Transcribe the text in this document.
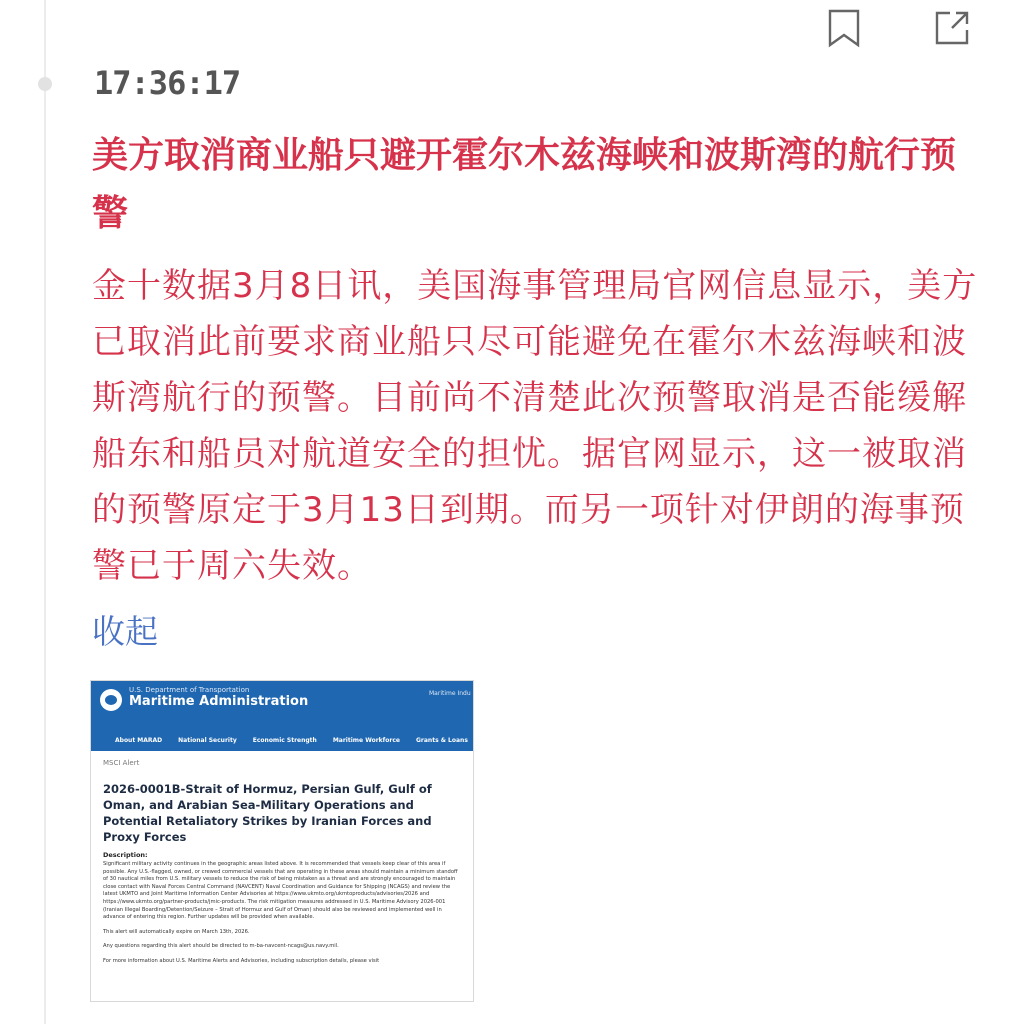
17:36:17
美方取消商业船只避开霍尔木兹海峡和波斯湾的航行预警

金十数据3月8日讯，美国海事管理局官网信息显示，美方已取消此前要求商业船只尽可能避免在霍尔木兹海峡和波斯湾航行的预警。目前尚不清楚此次预警取消是否能缓解船东和船员对航道安全的担忧。据官网显示，这一被取消的预警原定于3月13日到期。而另一项针对伊朗的海事预警已于周六失效。

收起
U.S. Department of Transportation
Maritime Administration
Maritime Indu
About MARAD	National Security	Economic Strength	Maritime Workforce	Grants & Loans
MSCI Alert
2026-0001B-Strait of Hormuz, Persian Gulf, Gulf of Oman, and Arabian Sea-Military Operations and Potential Retaliatory Strikes by Iranian Forces and Proxy Forces
Description:

Significant military activity continues in the geographic areas listed above. It is recommended that vessels keep clear of this area if possible. Any U.S.-flagged, owned, or crewed commercial vessels that are operating in these areas should maintain a minimum standoff of 30 nautical miles from U.S. military vessels to reduce the risk of being mistaken as a threat and are strongly encouraged to maintain close contact with Naval Forces Central Command (NAVCENT) Naval Coordination and Guidance for Shipping (NCAGS) and review the latest UKMTO and Joint Maritime Information Center Advisories at https://www.ukmto.org/ukmtoproducts/advisories/2026 and https://www.ukmto.org/partner-products/jmic-products. The risk mitigation measures addressed in U.S. Maritime Advisory 2026-001 (Iranian Illegal Boarding/Detention/Seizure – Strait of Hormuz and Gulf of Oman) should also be reviewed and implemented well in advance of entering this region. Further updates will be provided when available.

This alert will automatically expire on March 13th, 2026.

Any questions regarding this alert should be directed to m-ba-navcent-ncags@us.navy.mil.

For more information about U.S. Maritime Alerts and Advisories, including subscription details, please visit
